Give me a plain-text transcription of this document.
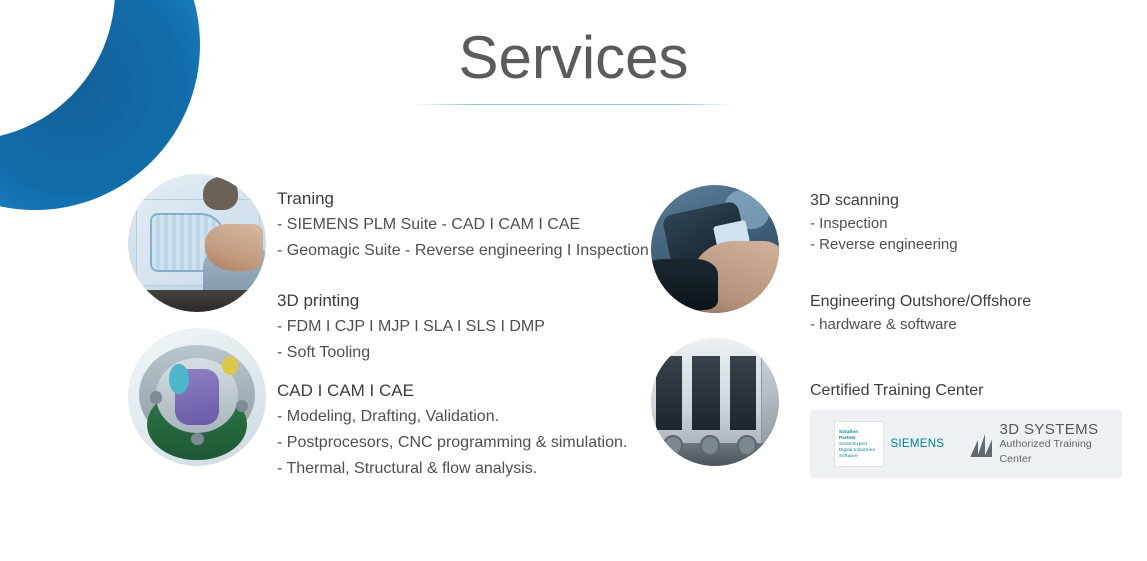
Services
Traning
- SIEMENS PLM Suite - CAD I CAM I CAE
- Geomagic Suite - Reverse engineering I Inspection
3D printing
- FDM I CJP I MJP I SLA I SLS I DMP
- Soft Tooling
CAD I CAM I CAE
- Modeling, Drafting, Validation.
- Postprocesors, CNC programming & simulation.
- Thermal, Structural & flow analysis.
3D scanning
- Inspection
- Reverse engineering
Engineering Outshore/Offshore
- hardware & software
Certified Training Center
Solution
Partner
Smart Expert
Digital Industries
Software
SIEMENS
3D SYSTEMS
Authorized Training Center
